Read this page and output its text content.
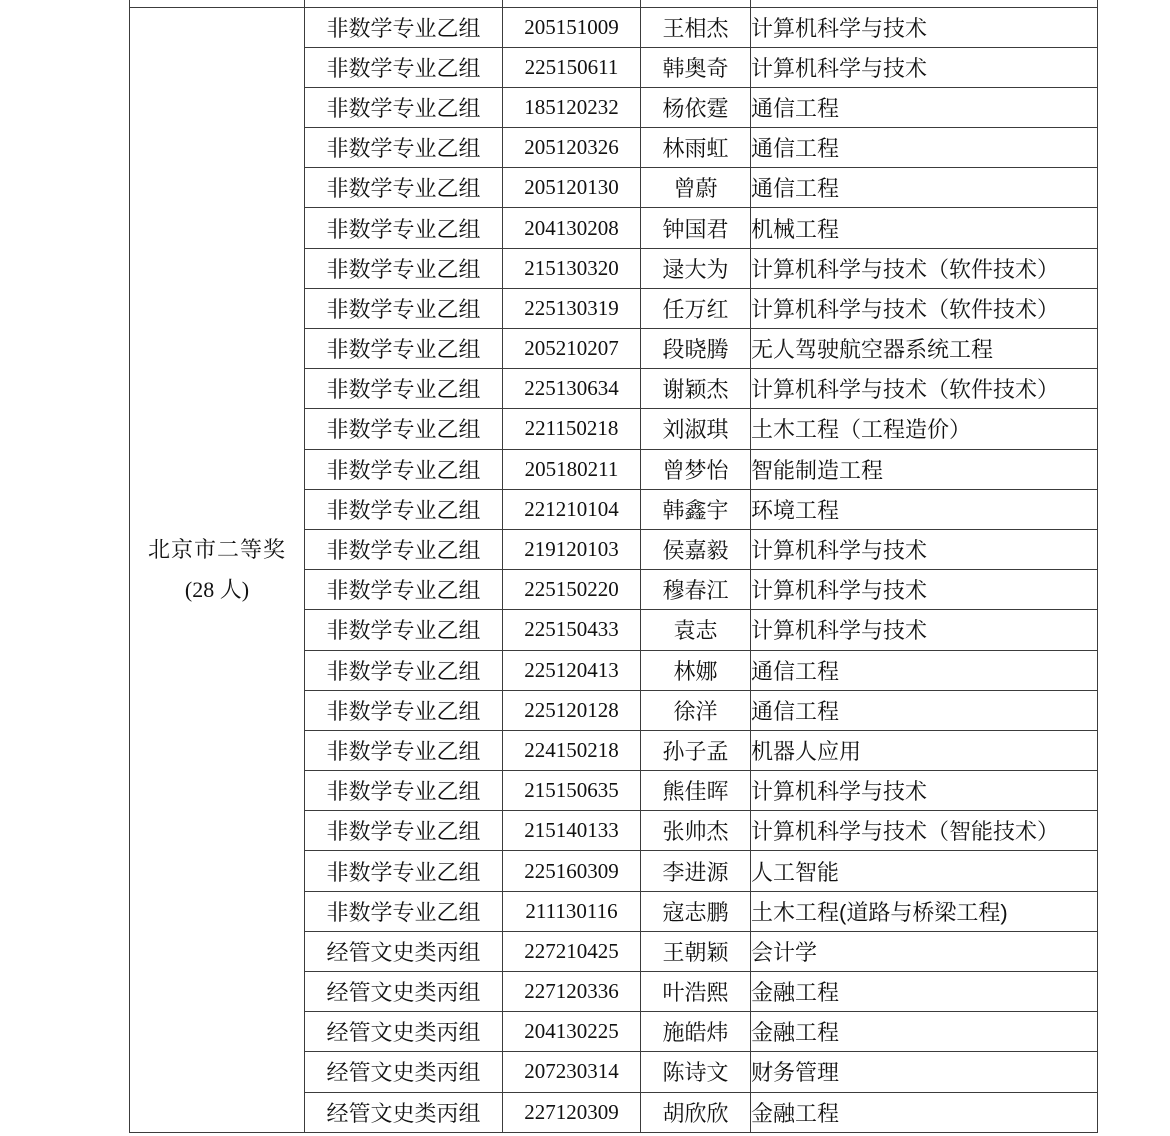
北京市二等奖
(28 人)	非数学专业乙组	205151009	王相杰	计算机科学与技术
	非数学专业乙组	225150611	韩奥奇	计算机科学与技术
	非数学专业乙组	185120232	杨依霆	通信工程
	非数学专业乙组	205120326	林雨虹	通信工程
	非数学专业乙组	205120130	曾蔚	通信工程
	非数学专业乙组	204130208	钟国君	机械工程
	非数学专业乙组	215130320	逯大为	计算机科学与技术（软件技术）
	非数学专业乙组	225130319	任万红	计算机科学与技术（软件技术）
	非数学专业乙组	205210207	段晓腾	无人驾驶航空器系统工程
	非数学专业乙组	225130634	谢颖杰	计算机科学与技术（软件技术）
	非数学专业乙组	221150218	刘淑琪	土木工程（工程造价）
	非数学专业乙组	205180211	曾梦怡	智能制造工程
	非数学专业乙组	221210104	韩鑫宇	环境工程
	非数学专业乙组	219120103	侯嘉毅	计算机科学与技术
	非数学专业乙组	225150220	穆春江	计算机科学与技术
	非数学专业乙组	225150433	袁志	计算机科学与技术
	非数学专业乙组	225120413	林娜	通信工程
	非数学专业乙组	225120128	徐洋	通信工程
	非数学专业乙组	224150218	孙子孟	机器人应用
	非数学专业乙组	215150635	熊佳晖	计算机科学与技术
	非数学专业乙组	215140133	张帅杰	计算机科学与技术（智能技术）
	非数学专业乙组	225160309	李进源	人工智能
	非数学专业乙组	211130116	寇志鹏	土木工程(道路与桥梁工程)
	经管文史类丙组	227210425	王朝颖	会计学
	经管文史类丙组	227120336	叶浩熙	金融工程
	经管文史类丙组	204130225	施皓炜	金融工程
	经管文史类丙组	207230314	陈诗文	财务管理
	经管文史类丙组	227120309	胡欣欣	金融工程
